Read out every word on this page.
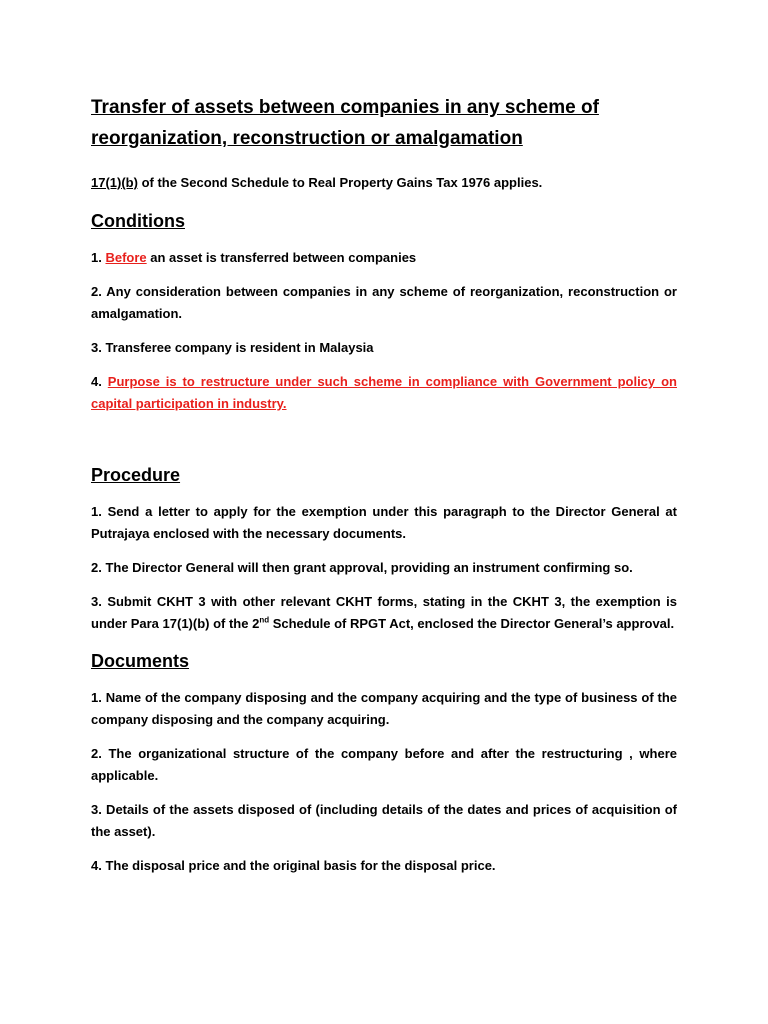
Transfer of assets between companies in any scheme of reorganization, reconstruction or amalgamation

17(1)(b) of the Second Schedule to Real Property Gains Tax 1976 applies.

Conditions

1. Before an asset is transferred between companies

2. Any consideration between companies in any scheme of reorganization, reconstruction or amalgamation.

3. Transferee company is resident in Malaysia

4. Purpose is to restructure under such scheme in compliance with Government policy on capital participation in industry.

Procedure

1. Send a letter to apply for the exemption under this paragraph to the Director General at Putrajaya enclosed with the necessary documents.

2. The Director General will then grant approval, providing an instrument confirming so.

3. Submit CKHT 3 with other relevant CKHT forms, stating in the CKHT 3, the exemption is under Para 17(1)(b) of the 2nd Schedule of RPGT Act, enclosed the Director General’s approval.

Documents

1. Name of the company disposing and the company acquiring and the type of business of the company disposing and the company acquiring.

2. The organizational structure of the company before and after the restructuring , where applicable.

3. Details of the assets disposed of (including details of the dates and prices of acquisition of the asset).

4. The disposal price and the original basis for the disposal price.
